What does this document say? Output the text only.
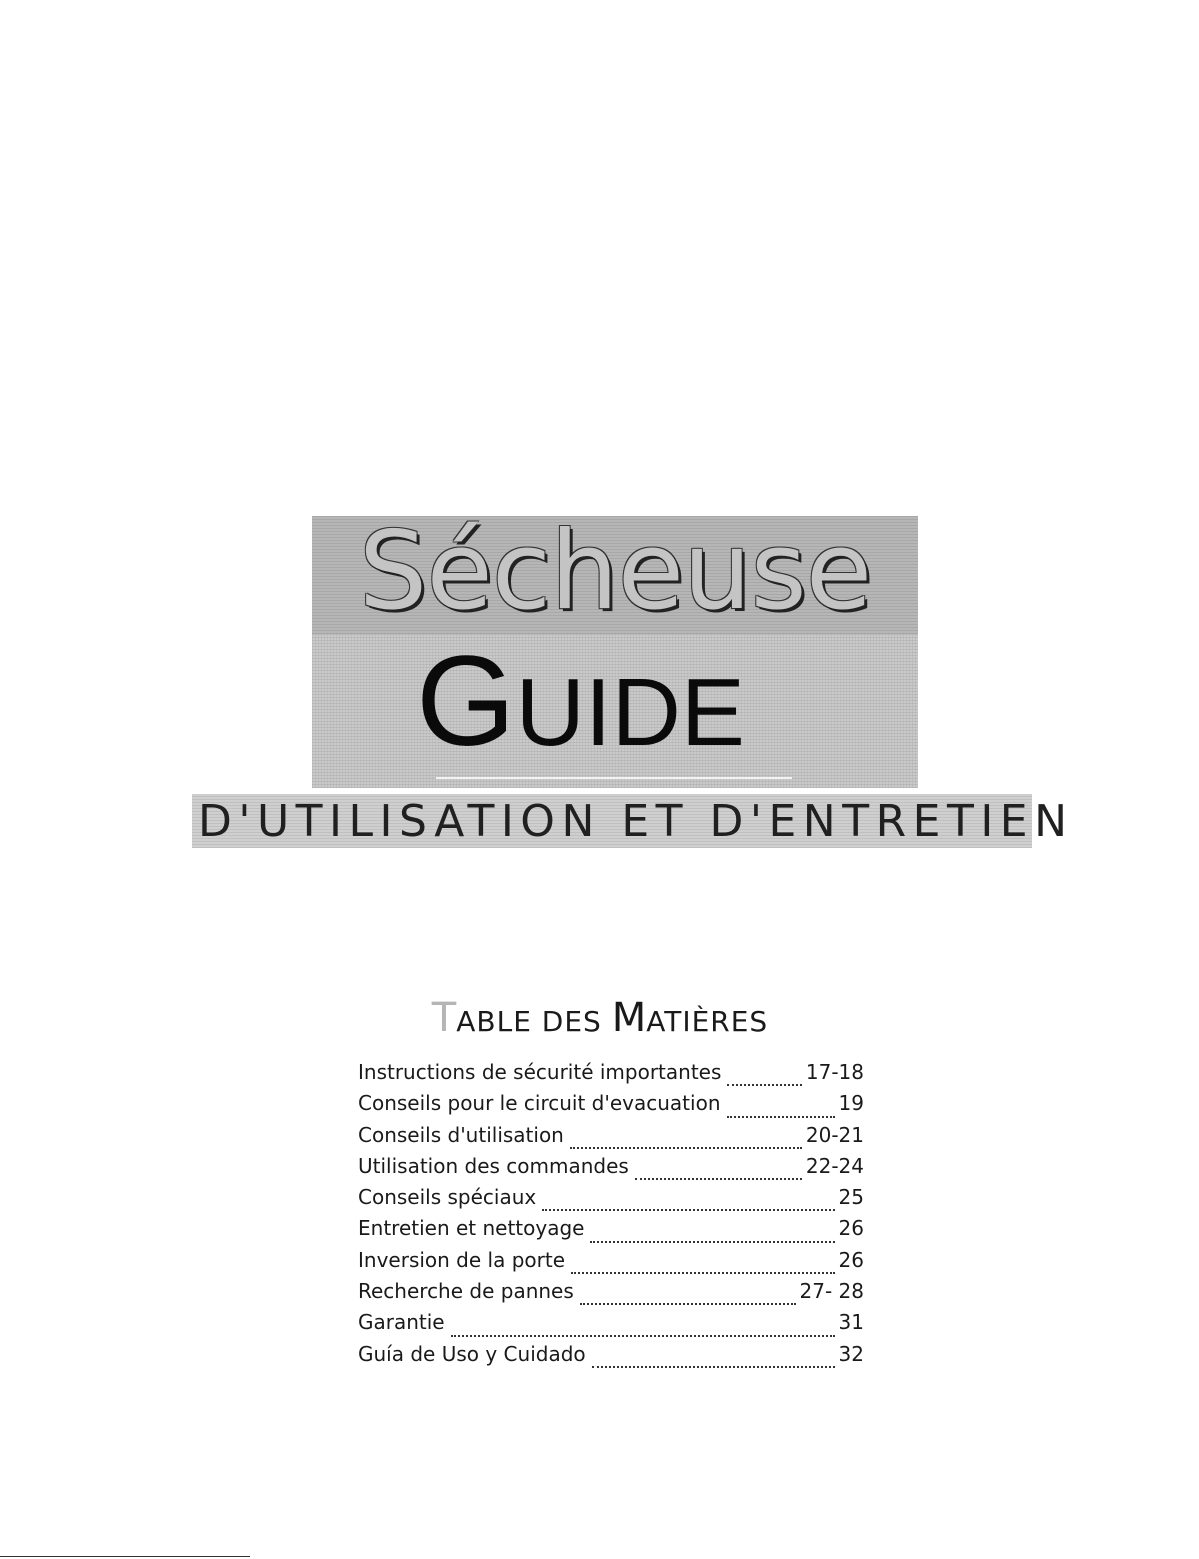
Sécheuse
GUIDE
D'UTILISATION ET D'ENTRETIEN
TABLE DES MATIÈRES
Instructions de sécurité importantes	17-18
Conseils pour le circuit d'evacuation	19
Conseils d'utilisation	20-21
Utilisation des commandes	22-24
Conseils spéciaux	25
Entretien et nettoyage	26
Inversion de la porte	26
Recherche de pannes	27- 28
Garantie	31
Guía de Uso y Cuidado	32
